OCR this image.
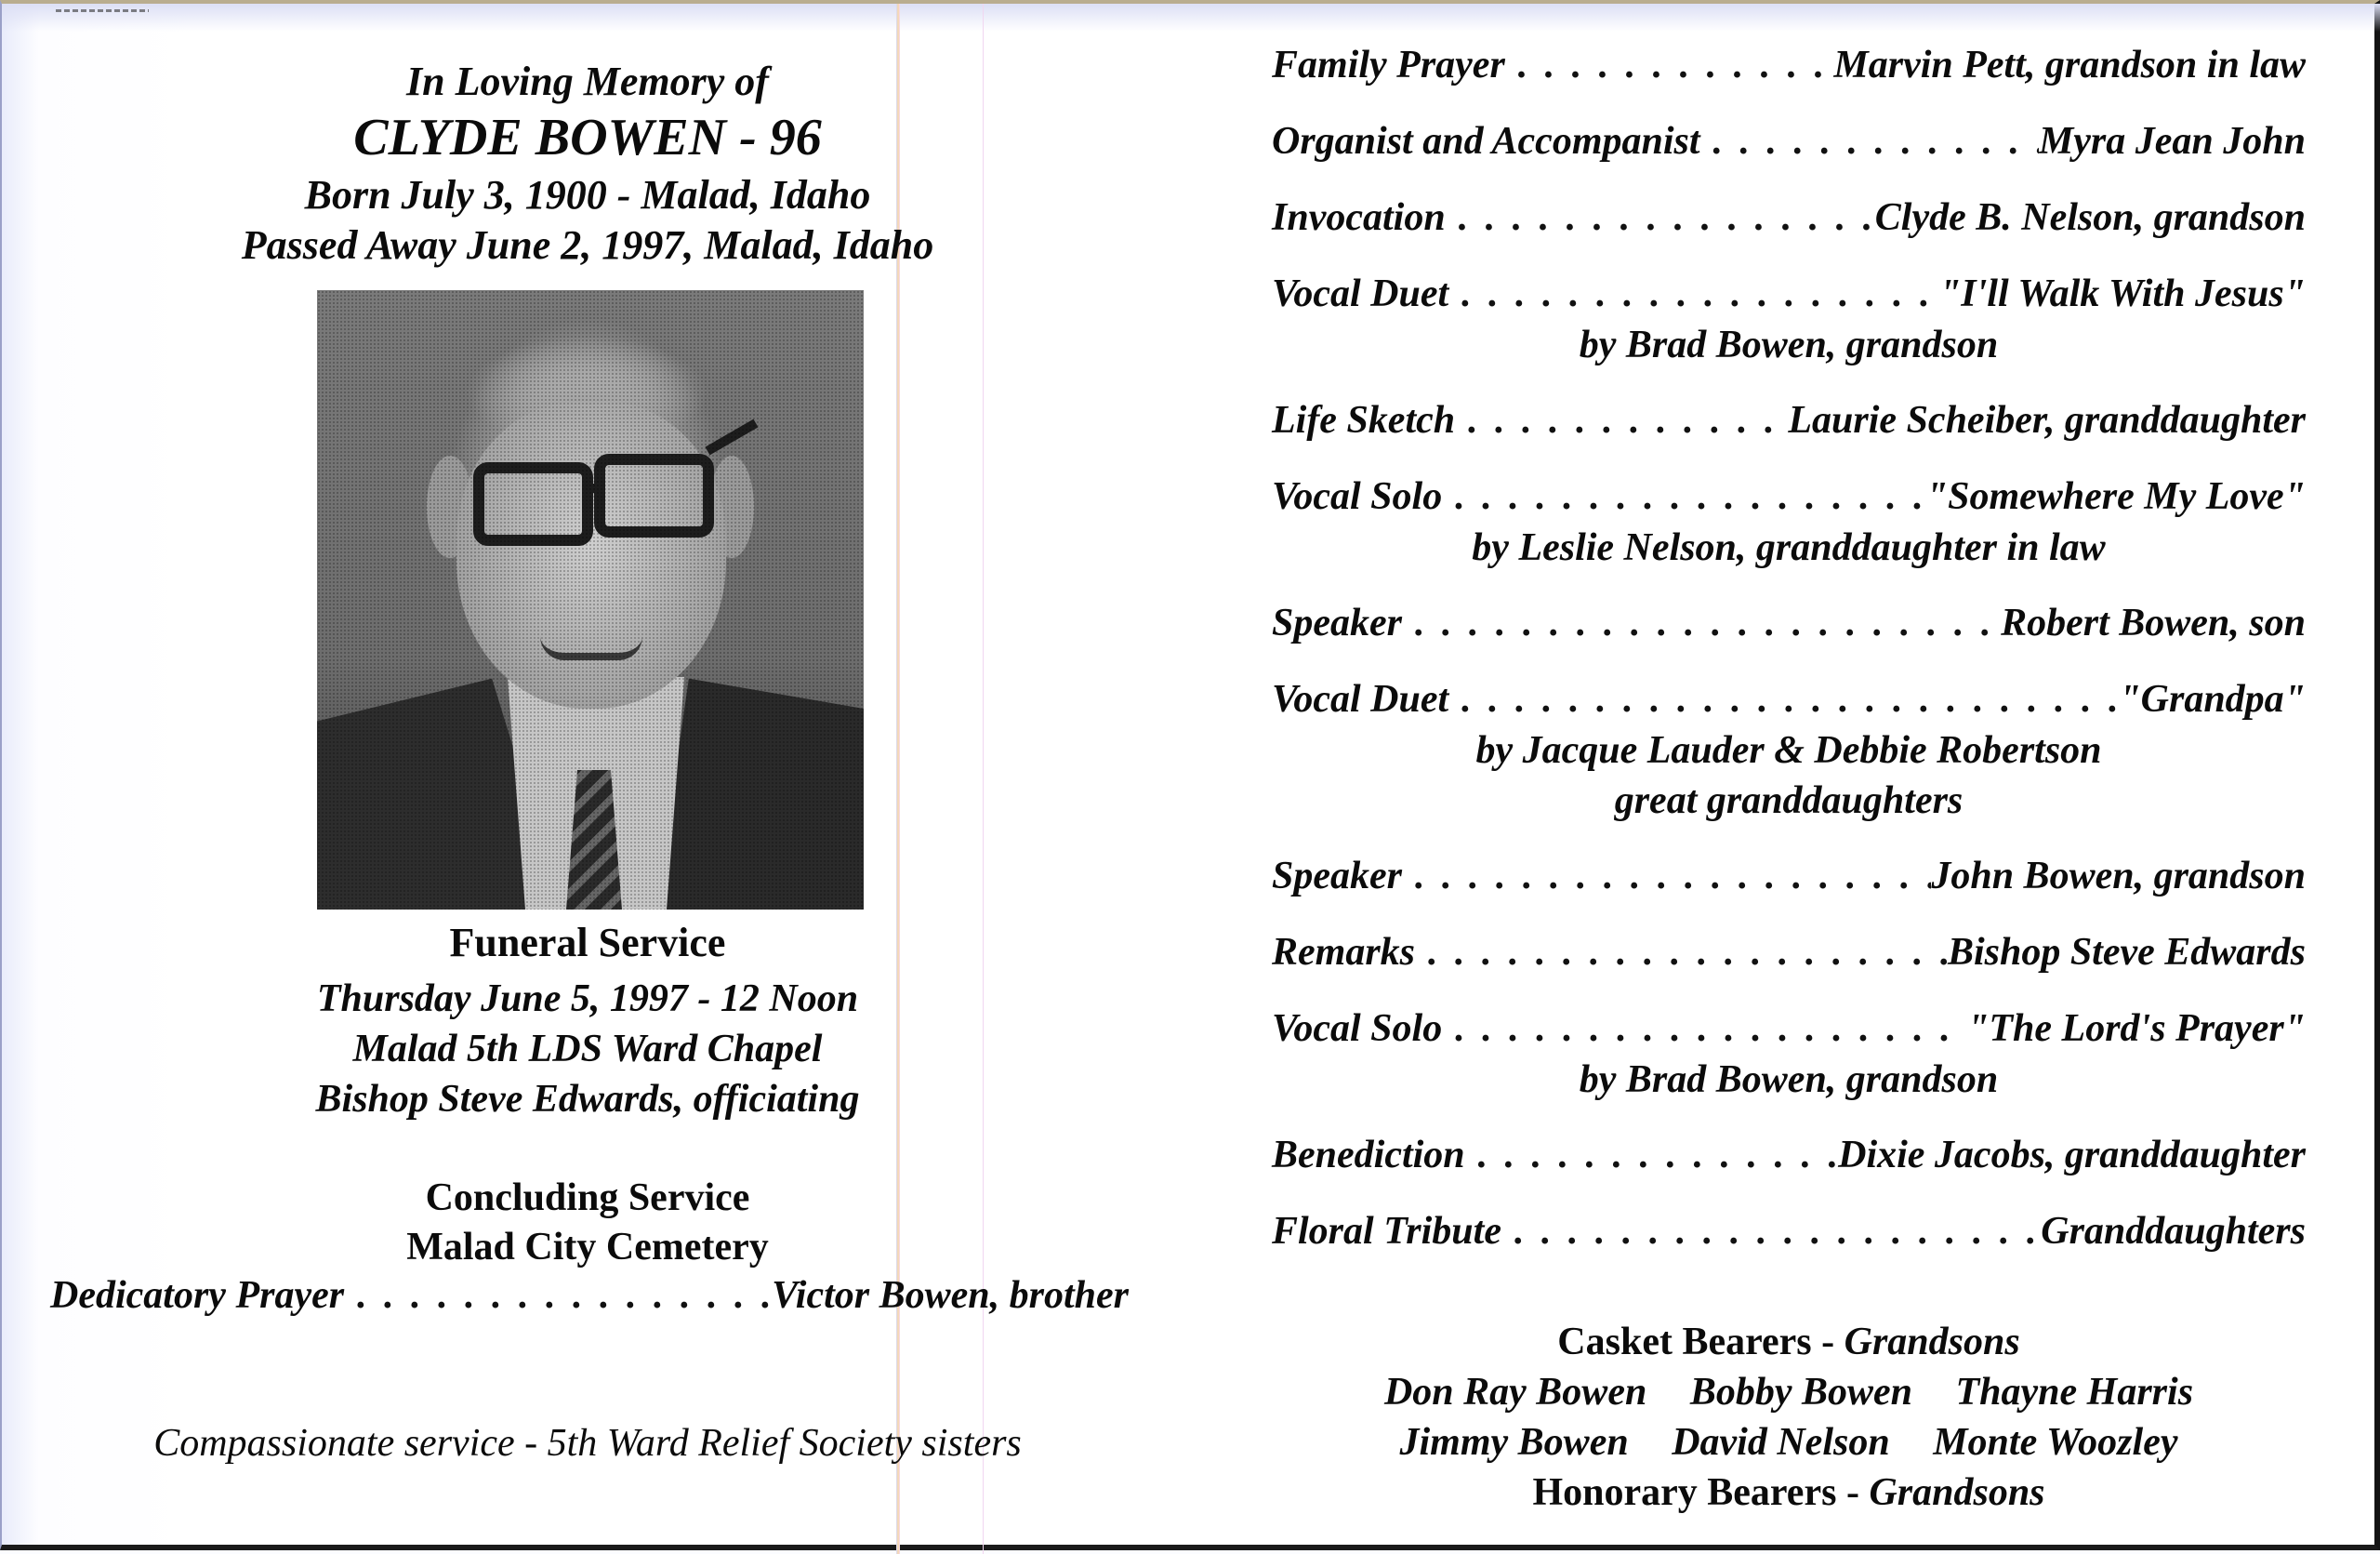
In Loving Memory of
CLYDE BOWEN - 96
Born July 3, 1900 - Malad, Idaho
Passed Away June 2, 1997, Malad, Idaho
Funeral Service
Thursday June 5, 1997 - 12 Noon
Malad 5th LDS Ward Chapel
Bishop Steve Edwards, officiating
Concluding Service
Malad City Cemetery
Dedicatory Prayer . . .	Victor Bowen, brother
Compassionate service - 5th Ward Relief Society sisters
Family Prayer . . .	Marvin Pett, grandson in law
Organist and Accompanist . . .	Myra Jean John
Invocation . . .	Clyde B. Nelson, grandson
Vocal Duet . . .	"I'll Walk With Jesus"
by Brad Bowen, grandson
Life Sketch . . .	Laurie Scheiber, granddaughter
Vocal Solo . . .	"Somewhere My Love"
by Leslie Nelson, granddaughter in law
Speaker . . .	Robert Bowen, son
Vocal Duet . . .	"Grandpa"
by Jacque Lauder & Debbie Robertson
great granddaughters
Speaker . . .	John Bowen, grandson
Remarks . . .	Bishop Steve Edwards
Vocal Solo . . .	"The Lord's Prayer"
by Brad Bowen, grandson
Benediction . . .	Dixie Jacobs, granddaughter
Floral Tribute . . .	Granddaughters
Casket Bearers - Grandsons
Don Ray Bowen Bobby Bowen Thayne Harris
Jimmy Bowen David Nelson Monte Woozley
Honorary Bearers - Grandsons
